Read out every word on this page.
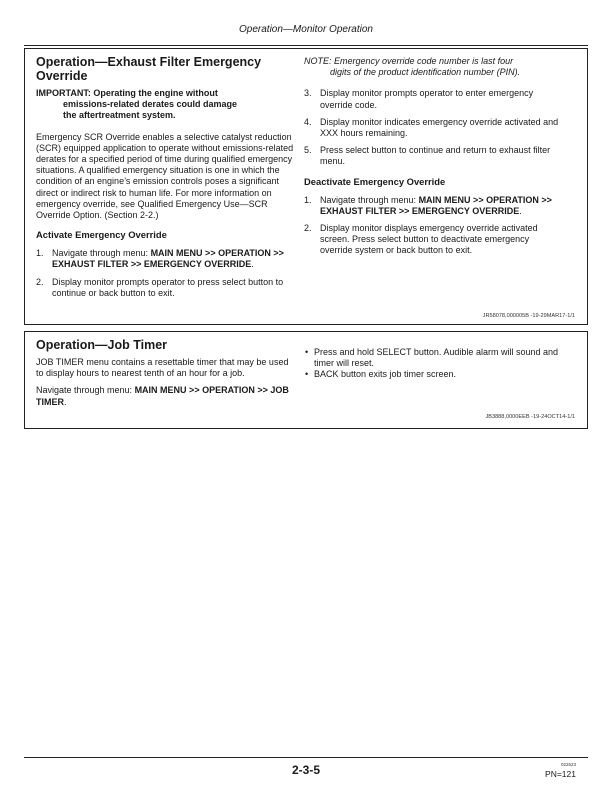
Operation—Monitor Operation
Operation—Exhaust Filter Emergency Override

IMPORTANT: Operating the engine without
emissions-related derates could damage
the aftertreatment system.

Emergency SCR Override enables a selective catalyst reduction (SCR) equipped application to operate without emissions-related derates for a specified period of time during qualified emergency situations. A qualified emergency situation is one in which the condition of an engine’s emission controls poses a significant direct or indirect risk to human life. For more information on emergency override, see Qualified Emergency Use—SCR Override Option. (Section 2-2.)

Activate Emergency Override

1. Navigate through menu: MAIN MENU >> OPERATION >> EXHAUST FILTER >> EMERGENCY OVERRIDE.

2. Display monitor prompts operator to press select button to continue or back button to exit.

NOTE: Emergency override code number is last four
digits of the product identification number (PIN).

3. Display monitor prompts operator to enter emergency override code.

4. Display monitor indicates emergency override activated and XXX hours remaining.

5. Press select button to continue and return to exhaust filter menu.

Deactivate Emergency Override

1. Navigate through menu: MAIN MENU >> OPERATION >> EXHAUST FILTER >> EMERGENCY OVERRIDE.

2. Display monitor displays emergency override activated screen. Press select button to deactivate emergency override system or back button to exit.

JR58078,000005B -19-29MAR17-1/1
Operation—Job Timer

JOB TIMER menu contains a resettable timer that may be used to display hours to nearest tenth of an hour for a job.

Navigate through menu: MAIN MENU >> OPERATION >> JOB TIMER.

• Press and hold SELECT button. Audible alarm will sound and timer will reset.

• BACK button exits job timer screen.

JB3888,0000EEB -19-24OCT14-1/1
2-3-5	022623
PN=121
